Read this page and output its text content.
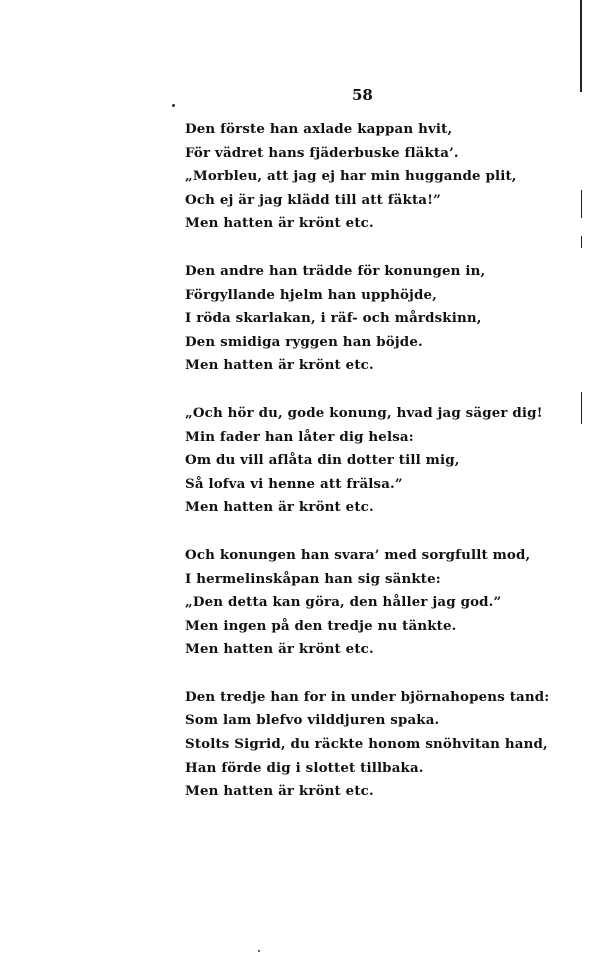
58
Den förste han axlade kappan hvit,
För vädret hans fjäderbuske fläkta’.
„Morbleu, att jag ej har min huggande plit,
Och ej är jag klädd till att fäkta!”
Men hatten är krönt etc.
Den andre han trädde för konungen in,
Förgyllande hjelm han upphöjde,
I röda skarlakan, i räf- och mårdskinn,
Den smidiga ryggen han böjde.
Men hatten är krönt etc.
„Och hör du, gode konung, hvad jag säger dig!
Min fader han låter dig helsa:
Om du vill aflåta din dotter till mig,
Så lofva vi henne att frälsa.”
Men hatten är krönt etc.
Och konungen han svara’ med sorgfullt mod,
I hermelinskåpan han sig sänkte:
„Den detta kan göra, den håller jag god.”
Men ingen på den tredje nu tänkte.
Men hatten är krönt etc.
Den tredje han for in under björnahopens tand:
Som lam blefvo vilddjuren spaka.
Stolts Sigrid, du räckte honom snöhvitan hand,
Han förde dig i slottet tillbaka.
Men hatten är krönt etc.
